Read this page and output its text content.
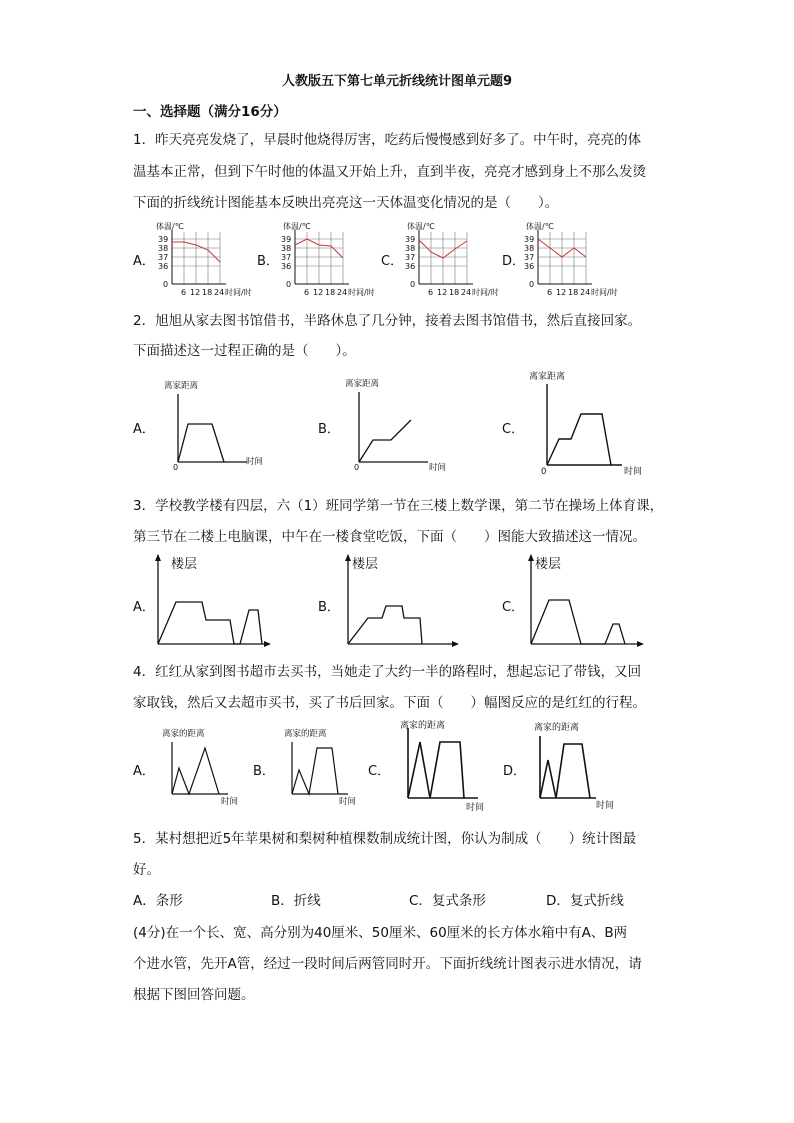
人教版五下第七单元折线统计图单元题9
一、选择题（满分16分）
1．昨天亮亮发烧了，早晨时他烧得厉害，吃药后慢慢感到好多了。中午时，亮亮的体
温基本正常，但到下午时他的体温又开始上升，直到半夜，亮亮才感到身上不那么发烫
下面的折线统计图能基本反映出亮亮这一天体温变化情况的是（　　）。
A．	B．	C．	D．
体温/℃
39
38
37
36
0
6 12 18 24 时间/时
体温/℃
39
38
37
36
0
6 12 18 24 时间/时
体温/℃
39
38
37
36
0
6 12 18 24 时间/时
体温/℃
39
38
37
36
0
6 12 18 24 时间/时
2．旭旭从家去图书馆借书，半路休息了几分钟，接着去图书馆借书，然后直接回家。
下面描述这一过程正确的是（　　）。
A．	B．	C．
离家距离
0
时间
离家距离
0	时间
离家距离
0	时间
3．学校教学楼有四层，六（1）班同学第一节在三楼上数学课，第二节在操场上体育课，
第三节在二楼上电脑课，中午在一楼食堂吃饭，下面（　　）图能大致描述这一情况。
A．	B．	C．
楼层	楼层	楼层
4．红红从家到图书超市去买书，当她走了大约一半的路程时，想起忘记了带钱，又回
家取钱，然后又去超市买书，买了书后回家。下面（　　）幅图反应的是红红的行程。
A．	B．	C．	D．
离家的距离
时间
离家的距离
时间
离家的距离
时间
离家的距离
时间
5．某村想把近5年苹果树和梨树种植棵数制成统计图，你认为制成（　　）统计图最
好。
A．条形	B．折线	C．复式条形	D．复式折线
(4分)在一个长、宽、高分别为40厘米、50厘米、60厘米的长方体水箱中有A、B两
个进水管，先开A管，经过一段时间后两管同时开。下面折线统计图表示进水情况，请
根据下图回答问题。
